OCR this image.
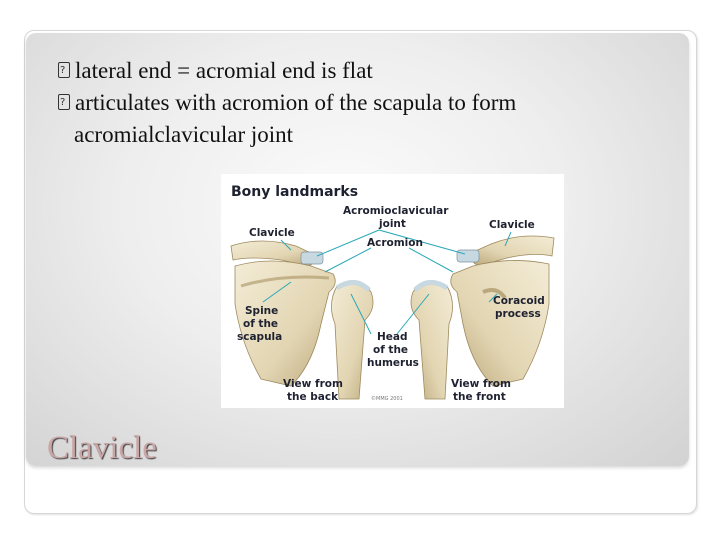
?lateral end = acromial end is flat
?articulates with acromion of the scapula to form
acromialclavicular joint
Bony landmarks
Acromioclavicular
joint
Acromion
Clavicle
Clavicle
Spine
of the
scapula	Head
of the
humerus
Coracoid
process
View from
the back
View from
the front
©MMG 2001
Clavicle
